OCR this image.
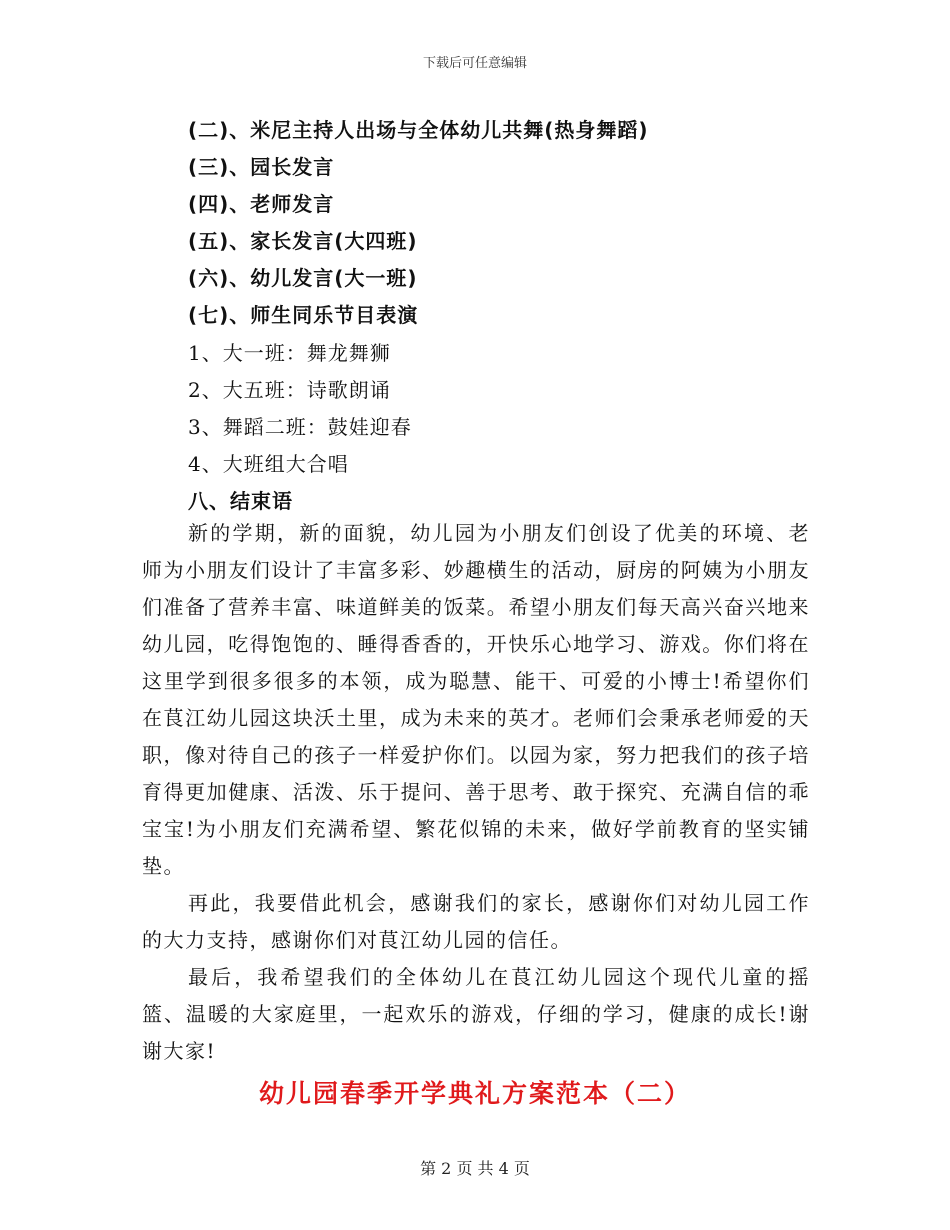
下载后可任意编辑
(二)、米尼主持人出场与全体幼儿共舞(热身舞蹈)
(三)、园长发言
(四)、老师发言
(五)、家长发言(大四班)
(六)、幼儿发言(大一班)
(七)、师生同乐节目表演
1、大一班：舞龙舞狮
2、大五班：诗歌朗诵
3、舞蹈二班：鼓娃迎春
4、大班组大合唱
八、结束语

新的学期，新的面貌，幼儿园为小朋友们创设了优美的环境、老师为小朋友们设计了丰富多彩、妙趣横生的活动，厨房的阿姨为小朋友们准备了营养丰富、味道鲜美的饭菜。希望小朋友们每天高兴奋兴地来幼儿园，吃得饱饱的、睡得香香的，开快乐心地学习、游戏。你们将在这里学到很多很多的本领，成为聪慧、能干、可爱的小博士!希望你们在茛江幼儿园这块沃土里，成为未来的英才。老师们会秉承老师爱的天职，像对待自己的孩子一样爱护你们。以园为家，努力把我们的孩子培育得更加健康、活泼、乐于提问、善于思考、敢于探究、充满自信的乖宝宝!为小朋友们充满希望、繁花似锦的未来，做好学前教育的坚实铺垫。

再此，我要借此机会，感谢我们的家长，感谢你们对幼儿园工作的大力支持，感谢你们对茛江幼儿园的信任。

最后，我希望我们的全体幼儿在茛江幼儿园这个现代儿童的摇篮、温暖的大家庭里，一起欢乐的游戏，仔细的学习，健康的成长!谢谢大家!

幼儿园春季开学典礼方案范本（二）
第 2 页 共 4 页
